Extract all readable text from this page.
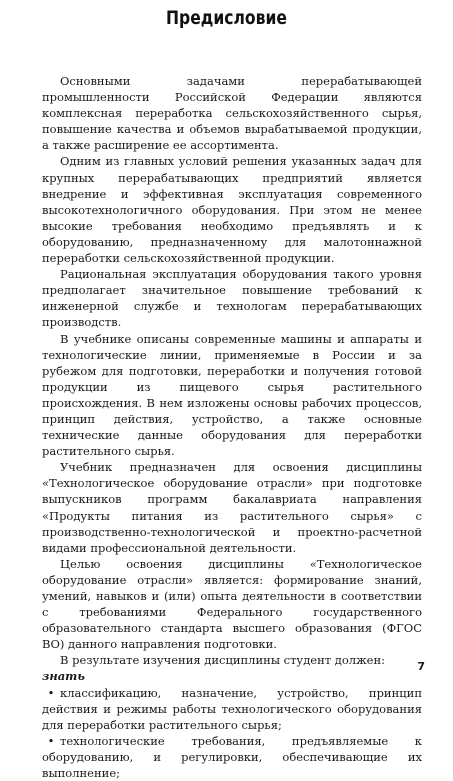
Предисловие

Основными задачами перерабатывающей промышленности Российской Федерации являются комплексная переработка сельскохозяйственного сырья, повышение качества и объемов вырабатываемой продукции, а также расширение ее ассортимента.

Одним из главных условий решения указанных задач для крупных перерабатывающих предприятий является внедрение и эффективная эксплуатация современного высокотехнологичного оборудования. При этом не менее высокие требования необходимо предъявлять и к оборудованию, предназначенному для малотоннажной переработки сельскохозяйственной продукции.

Рациональная эксплуатация оборудования такого уровня предполагает значительное повышение требований к инженерной службе и технологам перерабатывающих производств.

В учебнике описаны современные машины и аппараты и технологические линии, применяемые в России и за рубежом для подготовки, переработки и получения готовой продукции из пищевого сырья растительного происхождения. В нем изложены основы рабочих процессов, принцип действия, устройство, а также основные технические данные оборудования для переработки растительного сырья.

Учебник предназначен для освоения дисциплины «Технологическое оборудование отрасли» при подготовке выпускников программ бакалавриата направления «Продукты питания из растительного сырья» с производственно-технологической и проектно-расчетной видами профессиональной деятельности.

Целью освоения дисциплины «Технологическое оборудование отрасли» является: формирование знаний, умений, навыков и (или) опыта деятельности в соответствии с требованиями Федерального государственного образовательного стандарта высшего образования (ФГОС ВО) данного направления подготовки.

В результате изучения дисциплины студент должен:

знать

• классификацию, назначение, устройство, принцип действия и режимы работы технологического оборудования для переработки растительного сырья;

• технологические требования, предъявляемые к оборудованию, и регулировки, обеспечивающие их выполнение;

7
